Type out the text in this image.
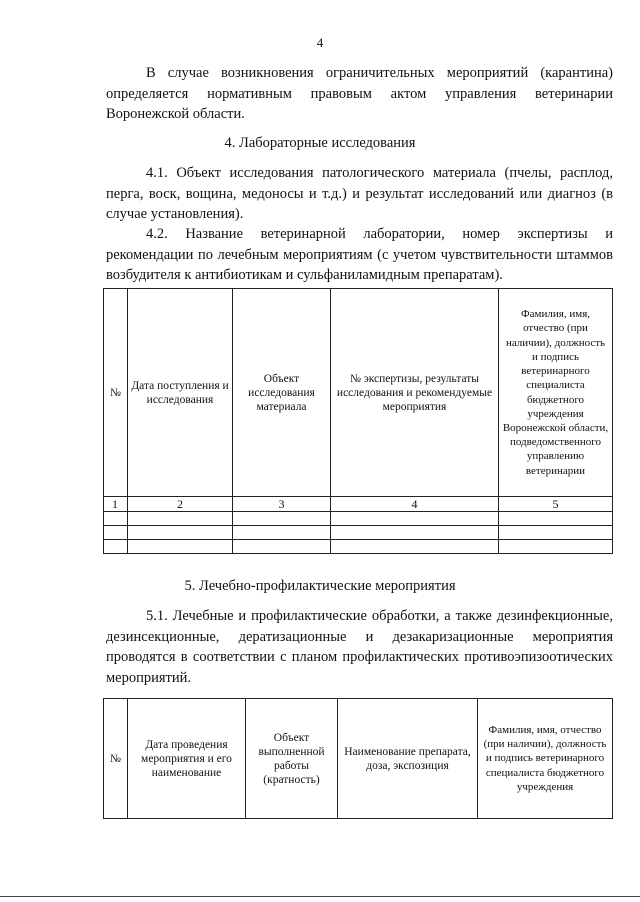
4

В случае возникновения ограничительных мероприятий (карантина) определяется нормативным правовым актом управления ветеринарии Воронежской области.

4. Лабораторные исследования

4.1. Объект исследования патологического материала (пчелы, расплод, перга, воск, вощина, медоносы и т.д.) и результат исследований или диагноз (в случае установления).

4.2. Название ветеринарной лаборатории, номер экспертизы и рекомендации по лечебным мероприятиям (с учетом чувствительности штаммов возбудителя к антибиотикам и сульфаниламидным препаратам).

№	Дата поступления и исследования	Объект исследования материала	№ экспертизы, результаты исследования и рекомендуемые мероприятия	Фамилия, имя, отчество (при наличии), должность и подпись ветеринарного специалиста бюджетного учреждения Воронежской области, подведомственного управлению ветеринарии
1	2	3	4	5

5. Лечебно-профилактические мероприятия

5.1. Лечебные и профилактические обработки, а также дезинфекционные, дезинсекционные, дератизационные и дезакаризационные мероприятия проводятся в соответствии с планом профилактических противоэпизоотических мероприятий.

№	Дата проведения мероприятия и его наименование	Объект выполненной работы (кратность)	Наименование препарата, доза, экспозиция	Фамилия, имя, отчество (при наличии), должность и подпись ветеринарного специалиста бюджетного учреждения
